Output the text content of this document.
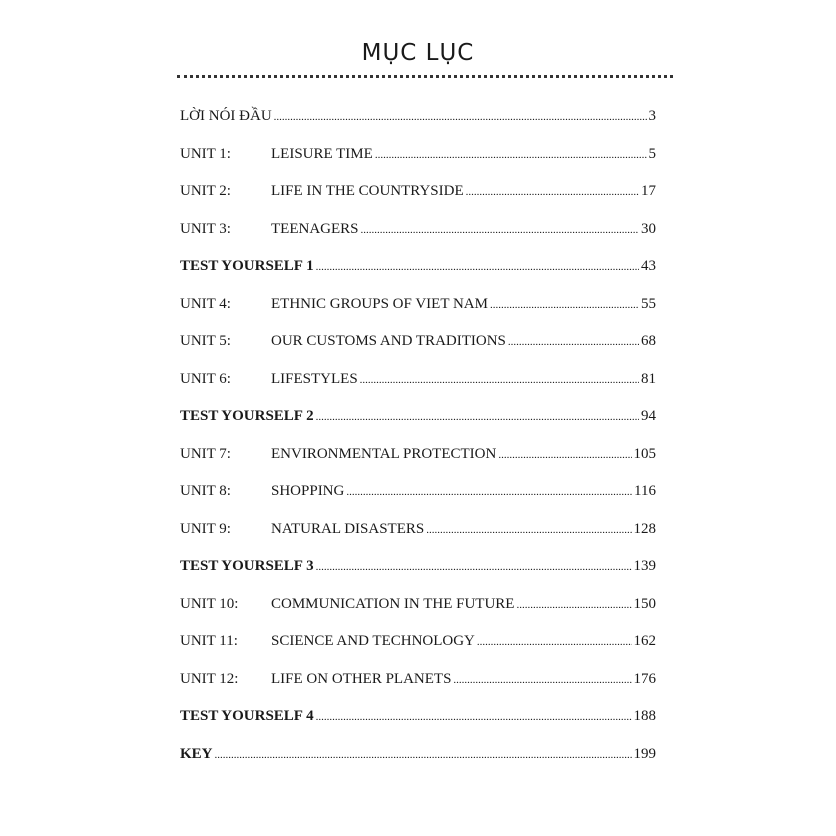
MỤC LỤC
LỜI NÓI ĐẦU .....	3
UNIT 1:	LEISURE TIME .....	5
UNIT 2:	LIFE IN THE COUNTRYSIDE .....	17
UNIT 3:	TEENAGERS .....	30
TEST YOURSELF 1 .....	43
UNIT 4:	ETHNIC GROUPS OF VIET NAM .....	55
UNIT 5:	OUR CUSTOMS AND TRADITIONS .....	68
UNIT 6:	LIFESTYLES .....	81
TEST YOURSELF 2 .....	94
UNIT 7:	ENVIRONMENTAL PROTECTION .....	105
UNIT 8:	SHOPPING .....	116
UNIT 9:	NATURAL DISASTERS .....	128
TEST YOURSELF 3 .....	139
UNIT 10:	COMMUNICATION IN THE FUTURE .....	150
UNIT 11:	SCIENCE AND TECHNOLOGY .....	162
UNIT 12:	LIFE ON OTHER PLANETS .....	176
TEST YOURSELF 4 .....	188
KEY .....	199
